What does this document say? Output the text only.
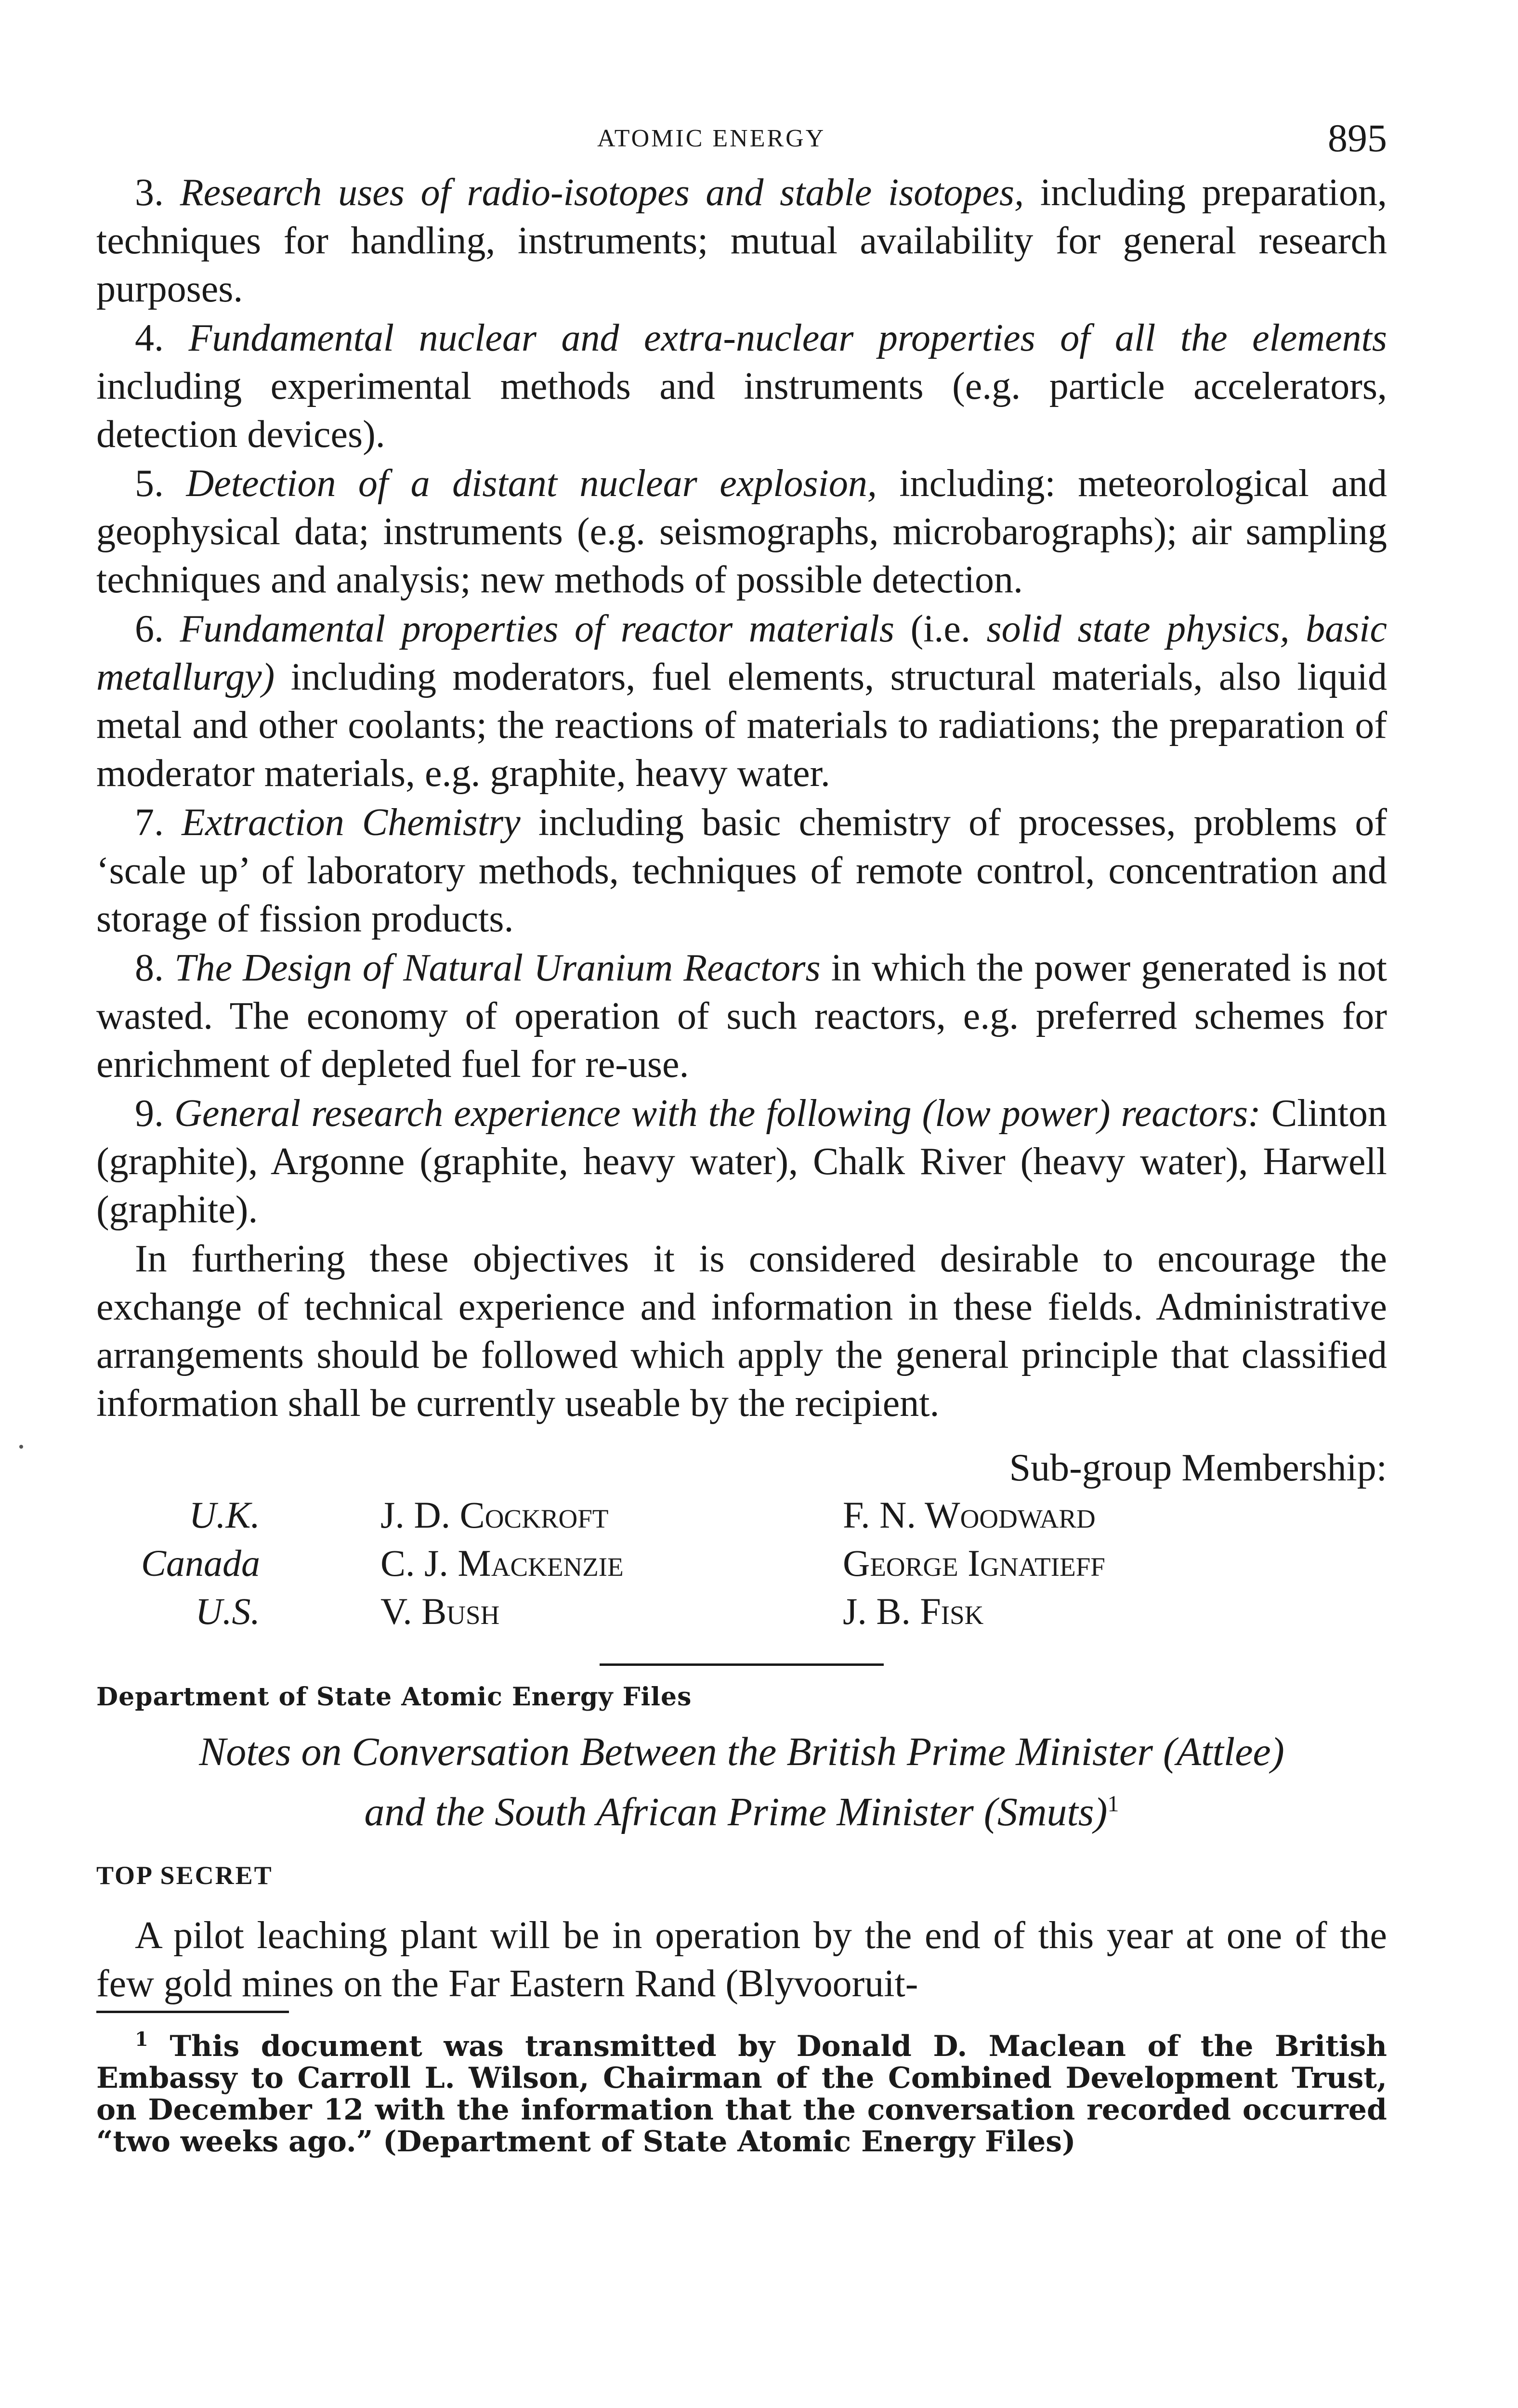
ATOMIC ENERGY	895

3. Research uses of radio-isotopes and stable isotopes, including preparation, techniques for handling, instruments; mutual availability for general research purposes.

4. Fundamental nuclear and extra-nuclear properties of all the elements including experimental methods and instruments (e.g. particle accelerators, detection devices).

5. Detection of a distant nuclear explosion, including: meteorological and geophysical data; instruments (e.g. seismographs, microbarographs); air sampling techniques and analysis; new methods of possible detection.

6. Fundamental properties of reactor materials (i.e. solid state physics, basic metallurgy) including moderators, fuel elements, structural materials, also liquid metal and other coolants; the reactions of materials to radiations; the preparation of moderator materials, e.g. graphite, heavy water.

7. Extraction Chemistry including basic chemistry of processes, problems of ‘scale up’ of laboratory methods, techniques of remote control, concentration and storage of fission products.

8. The Design of Natural Uranium Reactors in which the power generated is not wasted. The economy of operation of such reactors, e.g. preferred schemes for enrichment of depleted fuel for re-use.

9. General research experience with the following (low power) reactors: Clinton (graphite), Argonne (graphite, heavy water), Chalk River (heavy water), Harwell (graphite).

In furthering these objectives it is considered desirable to encourage the exchange of technical experience and information in these fields. Administrative arrangements should be followed which apply the general principle that classified information shall be currently useable by the recipient.

Sub-group Membership:
U.K.	J. D. Cockroft	F. N. Woodward
Canada	C. J. Mackenzie	George Ignatieff
U.S.	V. Bush	J. B. Fisk
Department of State Atomic Energy Files
Notes on Conversation Between the British Prime Minister (Attlee)
and the South African Prime Minister (Smuts)$^1$
TOP SECRET

A pilot leaching plant will be in operation by the end of this year at one of the few gold mines on the Far Eastern Rand (Blyvooruit-

$^1$ This document was transmitted by Donald D. Maclean of the British Embassy to Carroll L. Wilson, Chairman of the Combined Development Trust, on December 12 with the information that the conversation recorded occurred “two weeks ago.” (Department of State Atomic Energy Files)
